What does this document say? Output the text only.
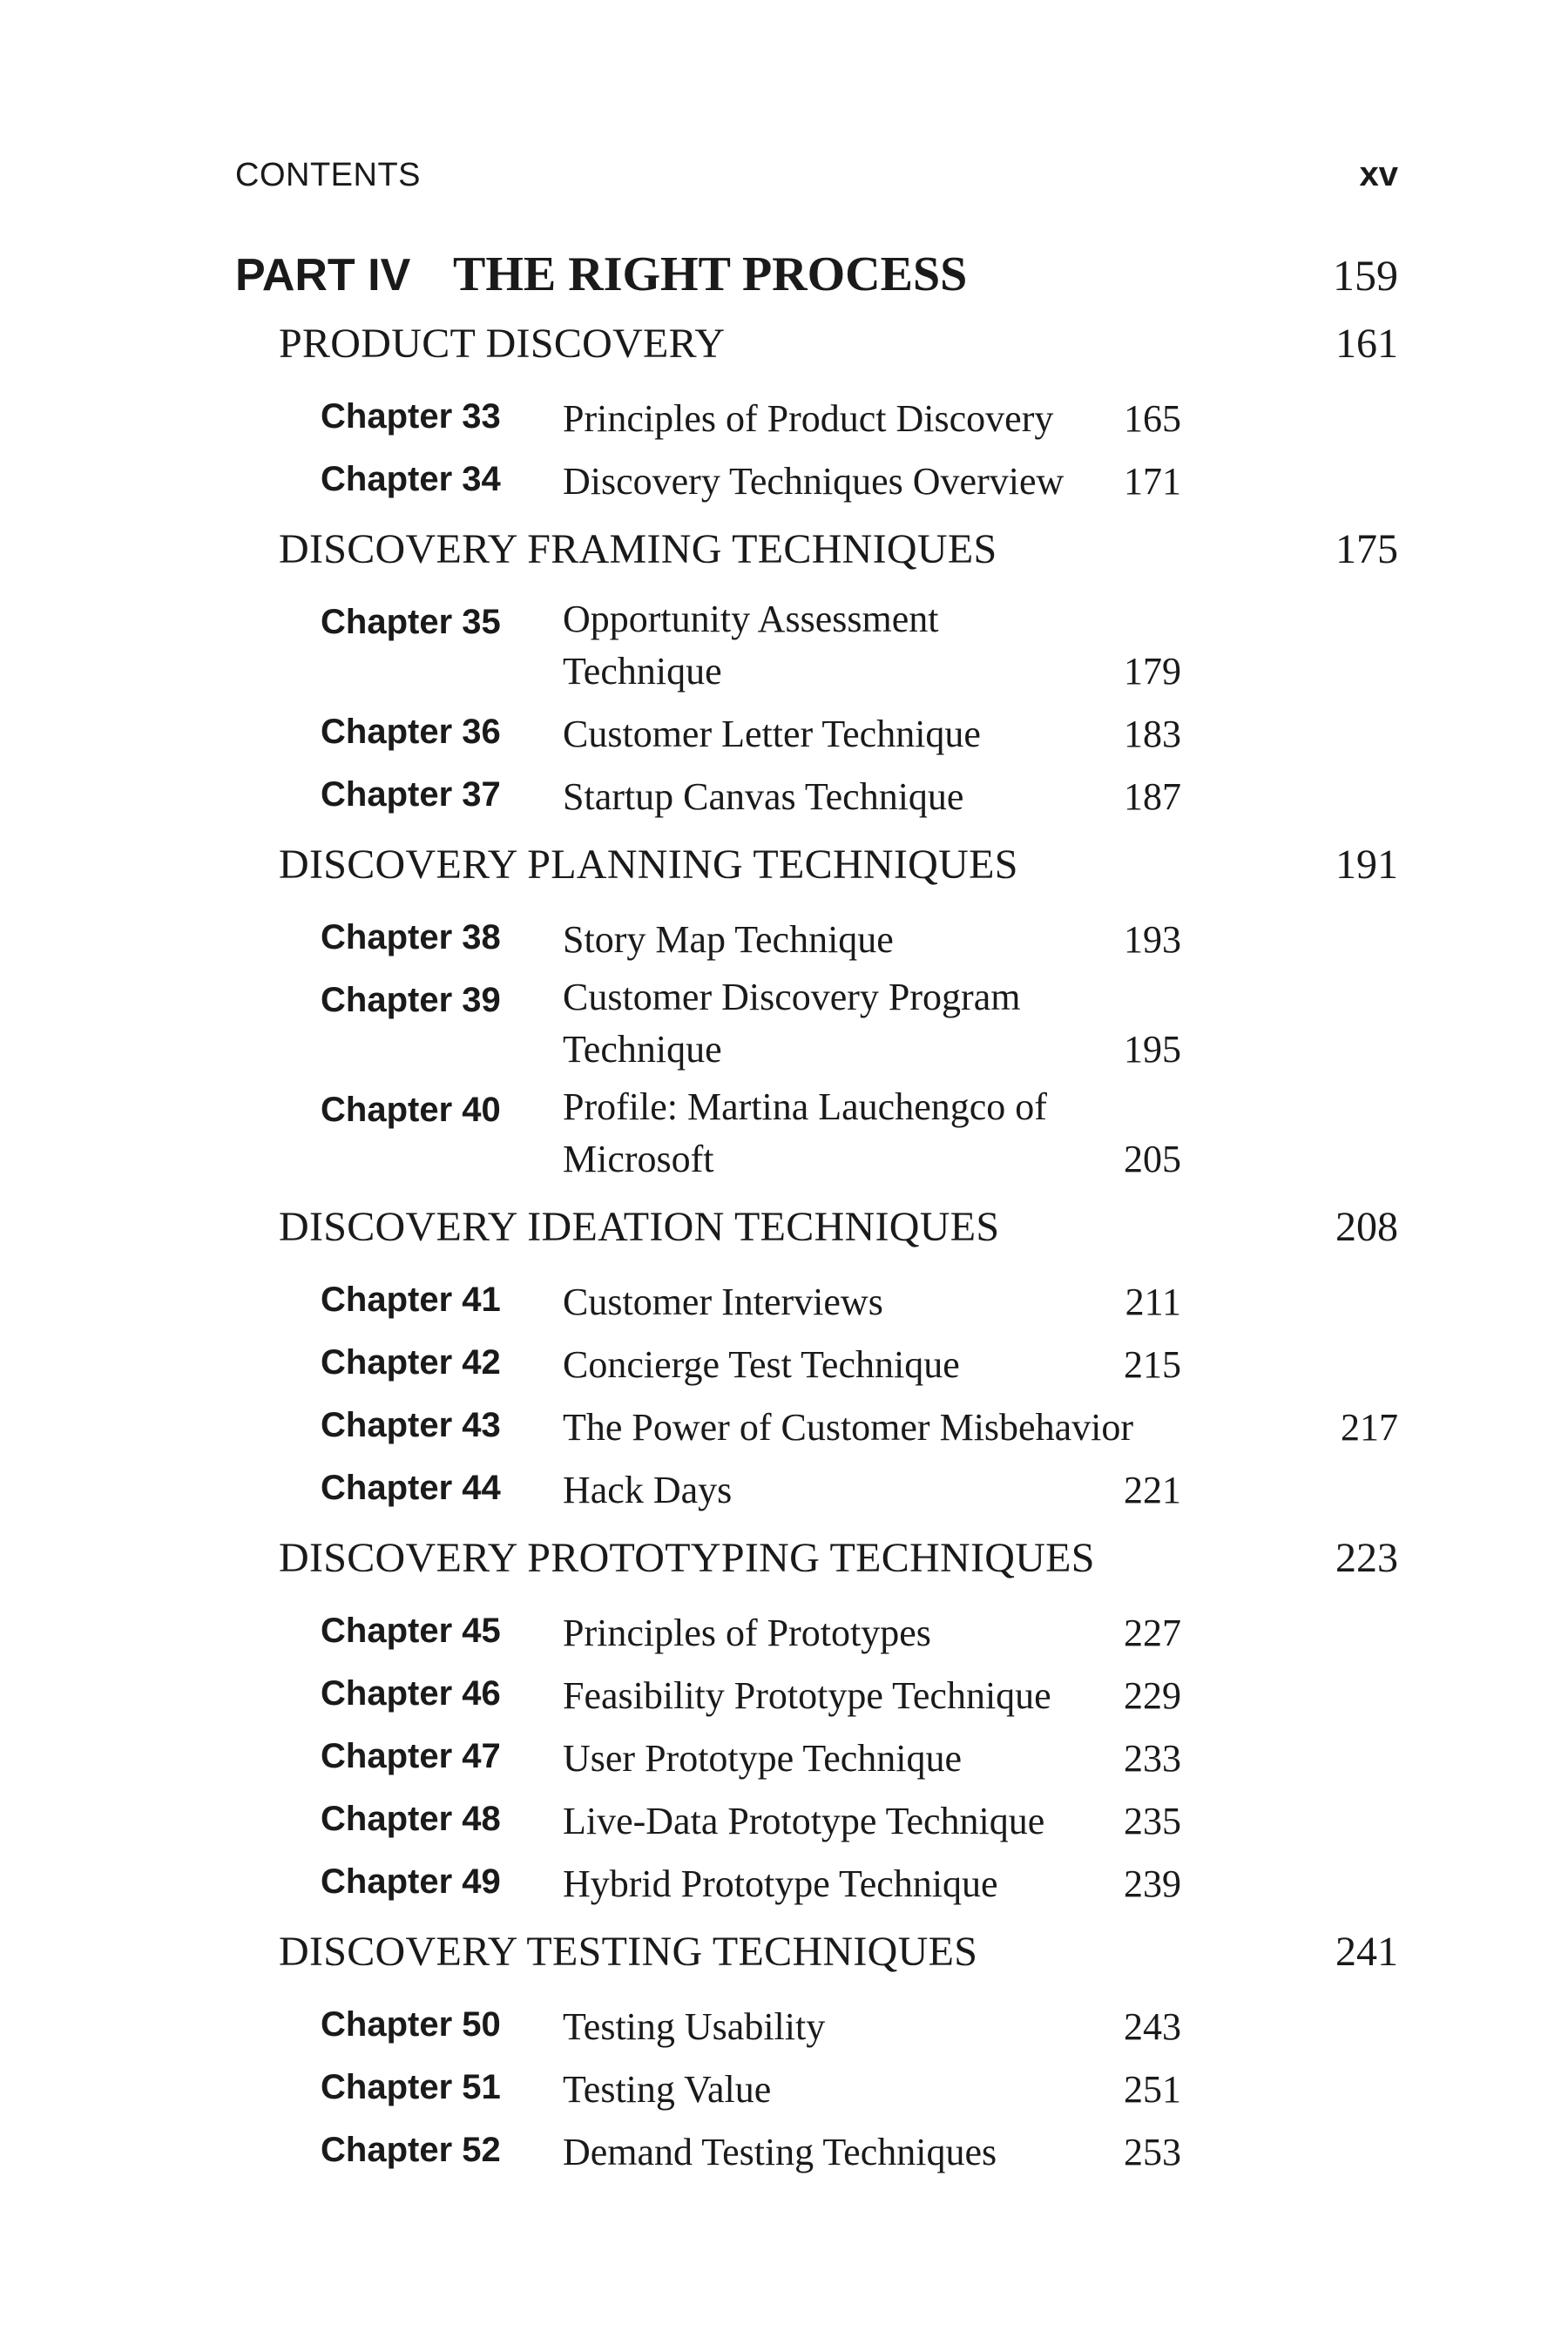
CONTENTS	xv
PART IV THE RIGHT PROCESS	159
PRODUCT DISCOVERY	161
Chapter 33	Principles of Product Discovery	165
Chapter 34	Discovery Techniques Overview	171
DISCOVERY FRAMING TECHNIQUES	175
Chapter 35	Opportunity Assessment Technique	179
Chapter 36	Customer Letter Technique	183
Chapter 37	Startup Canvas Technique	187
DISCOVERY PLANNING TECHNIQUES	191
Chapter 38	Story Map Technique	193
Chapter 39	Customer Discovery Program Technique	195
Chapter 40	Profile: Martina Lauchengco of Microsoft	205
DISCOVERY IDEATION TECHNIQUES	208
Chapter 41	Customer Interviews	211
Chapter 42	Concierge Test Technique	215
Chapter 43	The Power of Customer Misbehavior	217
Chapter 44	Hack Days	221
DISCOVERY PROTOTYPING TECHNIQUES	223
Chapter 45	Principles of Prototypes	227
Chapter 46	Feasibility Prototype Technique	229
Chapter 47	User Prototype Technique	233
Chapter 48	Live-Data Prototype Technique	235
Chapter 49	Hybrid Prototype Technique	239
DISCOVERY TESTING TECHNIQUES	241
Chapter 50	Testing Usability	243
Chapter 51	Testing Value	251
Chapter 52	Demand Testing Techniques	253
